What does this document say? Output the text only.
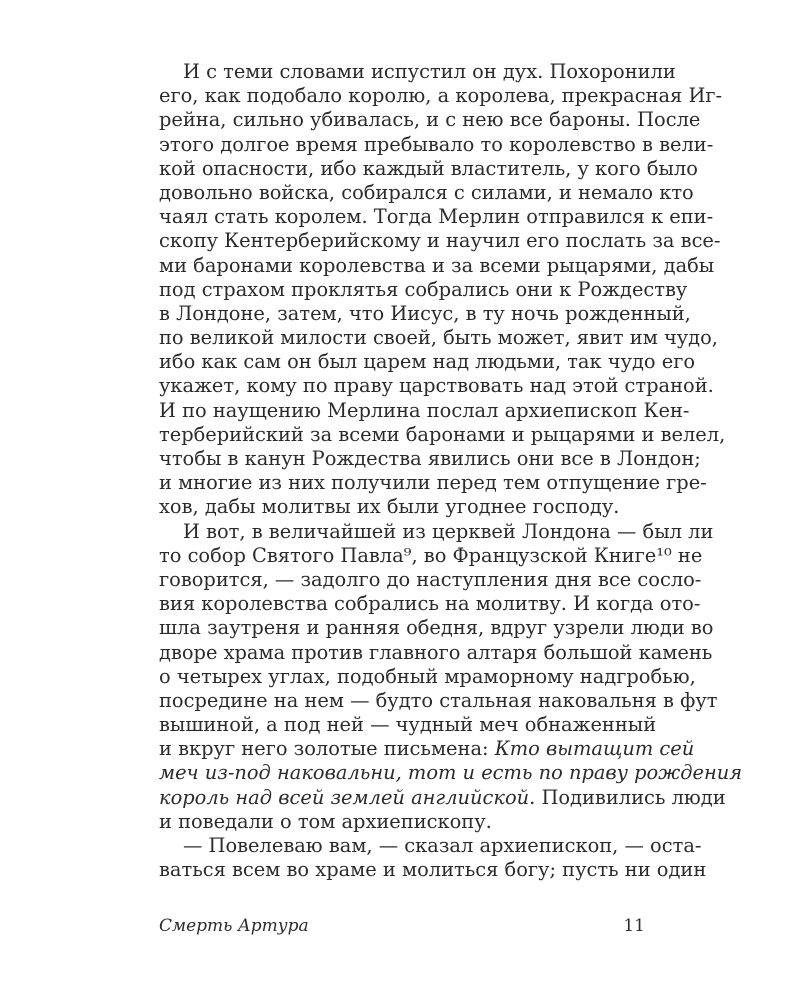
И с теми словами испустил он дух. Похоронили
его, как подобало королю, а королева, прекрасная Иг-
рейна, сильно убивалась, и с нею все бароны. После
этого долгое время пребывало то королевство в вели-
кой опасности, ибо каждый властитель, у кого было
довольно войска, собирался с силами, и немало кто
чаял стать королем. Тогда Мерлин отправился к епи-
скопу Кентерберийскому и научил его послать за все-
ми баронами королевства и за всеми рыцарями, дабы
под страхом проклятья собрались они к Рождеству
в Лондоне, затем, что Иисус, в ту ночь рожденный,
по великой милости своей, быть может, явит им чудо,
ибо как сам он был царем над людьми, так чудо его
укажет, кому по праву царствовать над этой страной.
И по наущению Мерлина послал архиепископ Кен-
терберийский за всеми баронами и рыцарями и велел,
чтобы в канун Рождества явились они все в Лондон;
и многие из них получили перед тем отпущение гре-
хов, дабы молитвы их были угоднее господу.
И вот, в величайшей из церквей Лондона — был ли
то собор Святого Павла⁹, во Французской Книге¹⁰ не
говорится, — задолго до наступления дня все сосло-
вия королевства собрались на молитву. И когда ото-
шла заутреня и ранняя обедня, вдруг узрели люди во
дворе храма против главного алтаря большой камень
о четырех углах, подобный мраморному надгробью,
посредине на нем — будто стальная наковальня в фут
вышиной, а под ней — чудный меч обнаженный
и вкруг него золотые письмена: Кто вытащит сей
меч из-под наковальни, тот и есть по праву рождения
король над всей землей английской. Подивились люди
и поведали о том архиепископу.
— Повелеваю вам, — сказал архиепископ, — оста-
ваться всем во храме и молиться богу; пусть ни один
Смерть Артура	11
